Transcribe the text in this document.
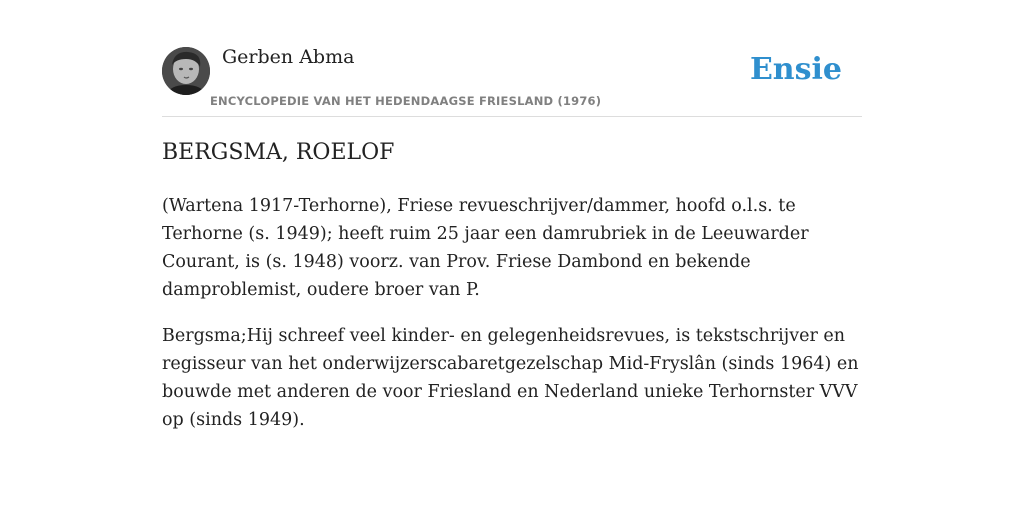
Gerben Abma
ENCYCLOPEDIE VAN HET HEDENDAAGSE FRIESLAND (1976)
Ensie
BERGSMA, ROELOF

(Wartena 1917-Terhorne), Friese revueschrijver/dammer, hoofd o.l.s. te Terhorne (s. 1949); heeft ruim 25 jaar een damrubriek in de Leeuwarder Courant, is (s. 1948) voorz. van Prov. Friese Dambond en bekende damproblemist, oudere broer van P.

Bergsma;Hij schreef veel kinder- en gelegenheidsrevues, is tekstschrijver en regisseur van het onderwijzerscabaretgezelschap Mid-Fryslân (sinds 1964) en bouwde met anderen de voor Friesland en Nederland unieke Terhornster VVV op (sinds 1949).
